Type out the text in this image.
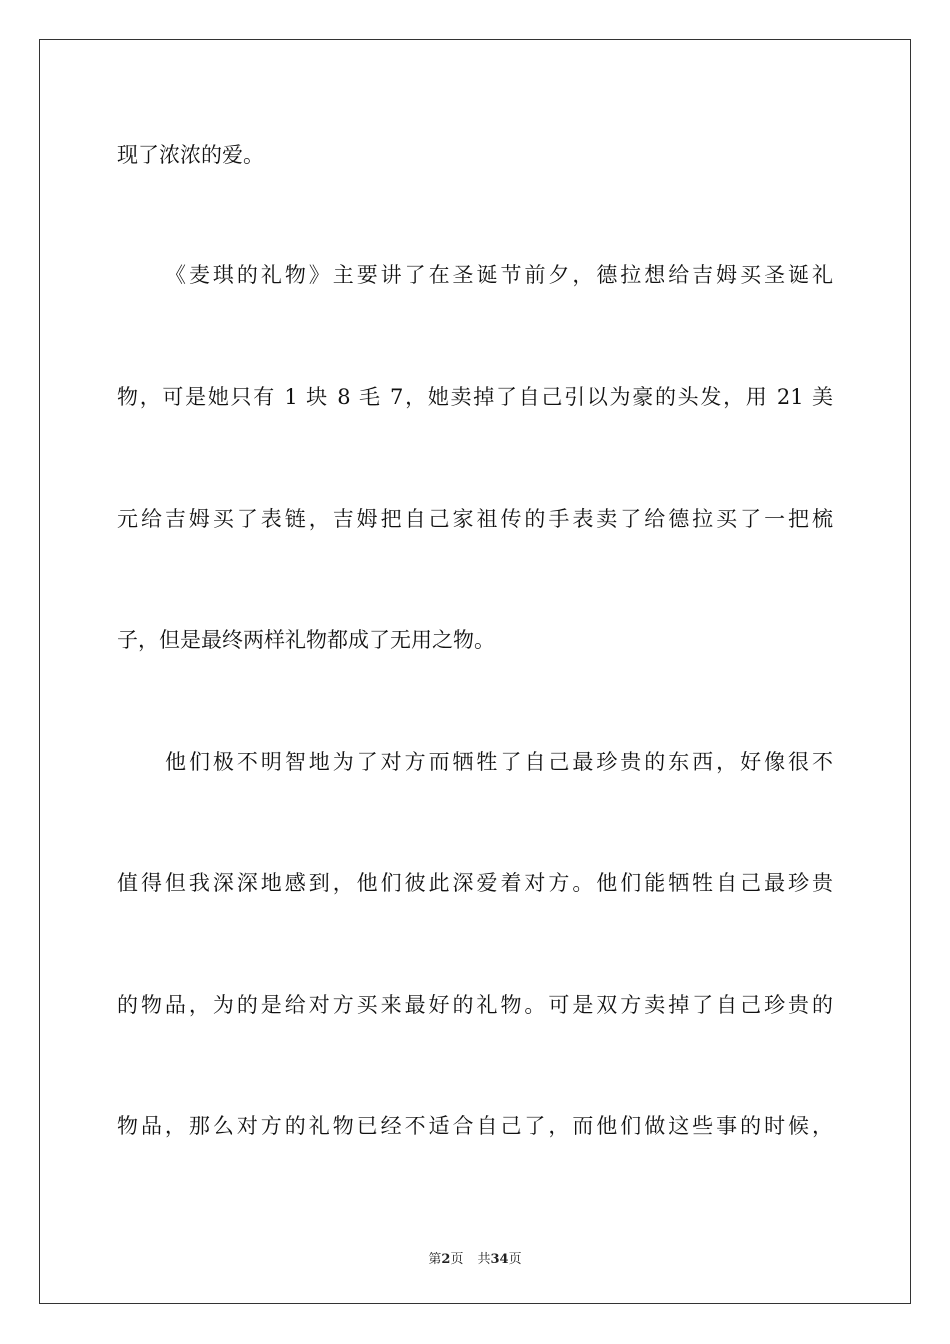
现了浓浓的爱。
《麦琪的礼物》主要讲了在圣诞节前夕，德拉想给吉姆买圣诞礼
物，可是她只有 1 块 8 毛 7，她卖掉了自己引以为豪的头发，用 21 美
元给吉姆买了表链，吉姆把自己家祖传的手表卖了给德拉买了一把梳
子，但是最终两样礼物都成了无用之物。
他们极不明智地为了对方而牺牲了自己最珍贵的东西，好像很不
值得但我深深地感到，他们彼此深爱着对方。他们能牺牲自己最珍贵
的物品，为的是给对方买来最好的礼物。可是双方卖掉了自己珍贵的
物品，那么对方的礼物已经不适合自己了，而他们做这些事的时候，
第2页 共34页
